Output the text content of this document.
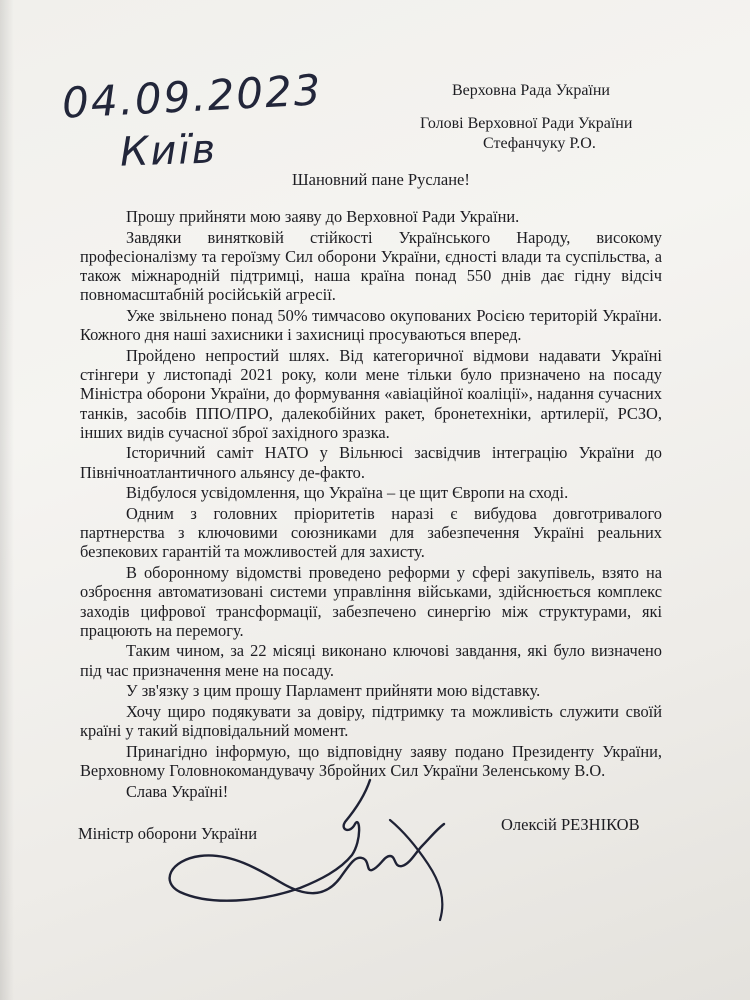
04.09.2023
Київ
Верховна Рада України
Голові Верховної Ради України
Стефанчуку Р.О.
Шановний пане Руслане!

Прошу прийняти мою заяву до Верховної Ради України.

Завдяки винятковій стійкості Українського Народу, високому професіоналізму та героїзму Сил оборони України, єдності влади та суспільства, а також міжнародній підтримці, наша країна понад 550 днів дає гідну відсіч повномасштабній російській агресії.

Уже звільнено понад 50% тимчасово окупованих Росією територій України. Кожного дня наші захисники і захисниці просуваються вперед.

Пройдено непростий шлях. Від категоричної відмови надавати Україні стінгери у листопаді 2021 року, коли мене тільки було призначено на посаду Міністра оборони України, до формування «авіаційної коаліції», надання сучасних танків, засобів ППО/ПРО, далекобійних ракет, бронетехніки, артилерії, РСЗО, інших видів сучасної зброї західного зразка.

Історичний саміт НАТО у Вільнюсі засвідчив інтеграцію України до Північноатлантичного альянсу де-факто.

Відбулося усвідомлення, що Україна – це щит Європи на сході.

Одним з головних пріоритетів наразі є вибудова довготривалого партнерства з ключовими союзниками для забезпечення Україні реальних безпекових гарантій та можливостей для захисту.

В оборонному відомстві проведено реформи у сфері закупівель, взято на озброєння автоматизовані системи управління військами, здійснюється комплекс заходів цифрової трансформації, забезпечено синергію між структурами, які працюють на перемогу.

Таким чином, за 22 місяці виконано ключові завдання, які було визначено під час призначення мене на посаду.

У зв'язку з цим прошу Парламент прийняти мою відставку.

Хочу щиро подякувати за довіру, підтримку та можливість служити своїй країні у такий відповідальний момент.

Принагідно інформую, що відповідну заяву подано Президенту України, Верховному Головнокомандувачу Збройних Сил України Зеленському В.О.

Слава Україні!
Міністр оборони України	Олексій РЕЗНІКОВ
